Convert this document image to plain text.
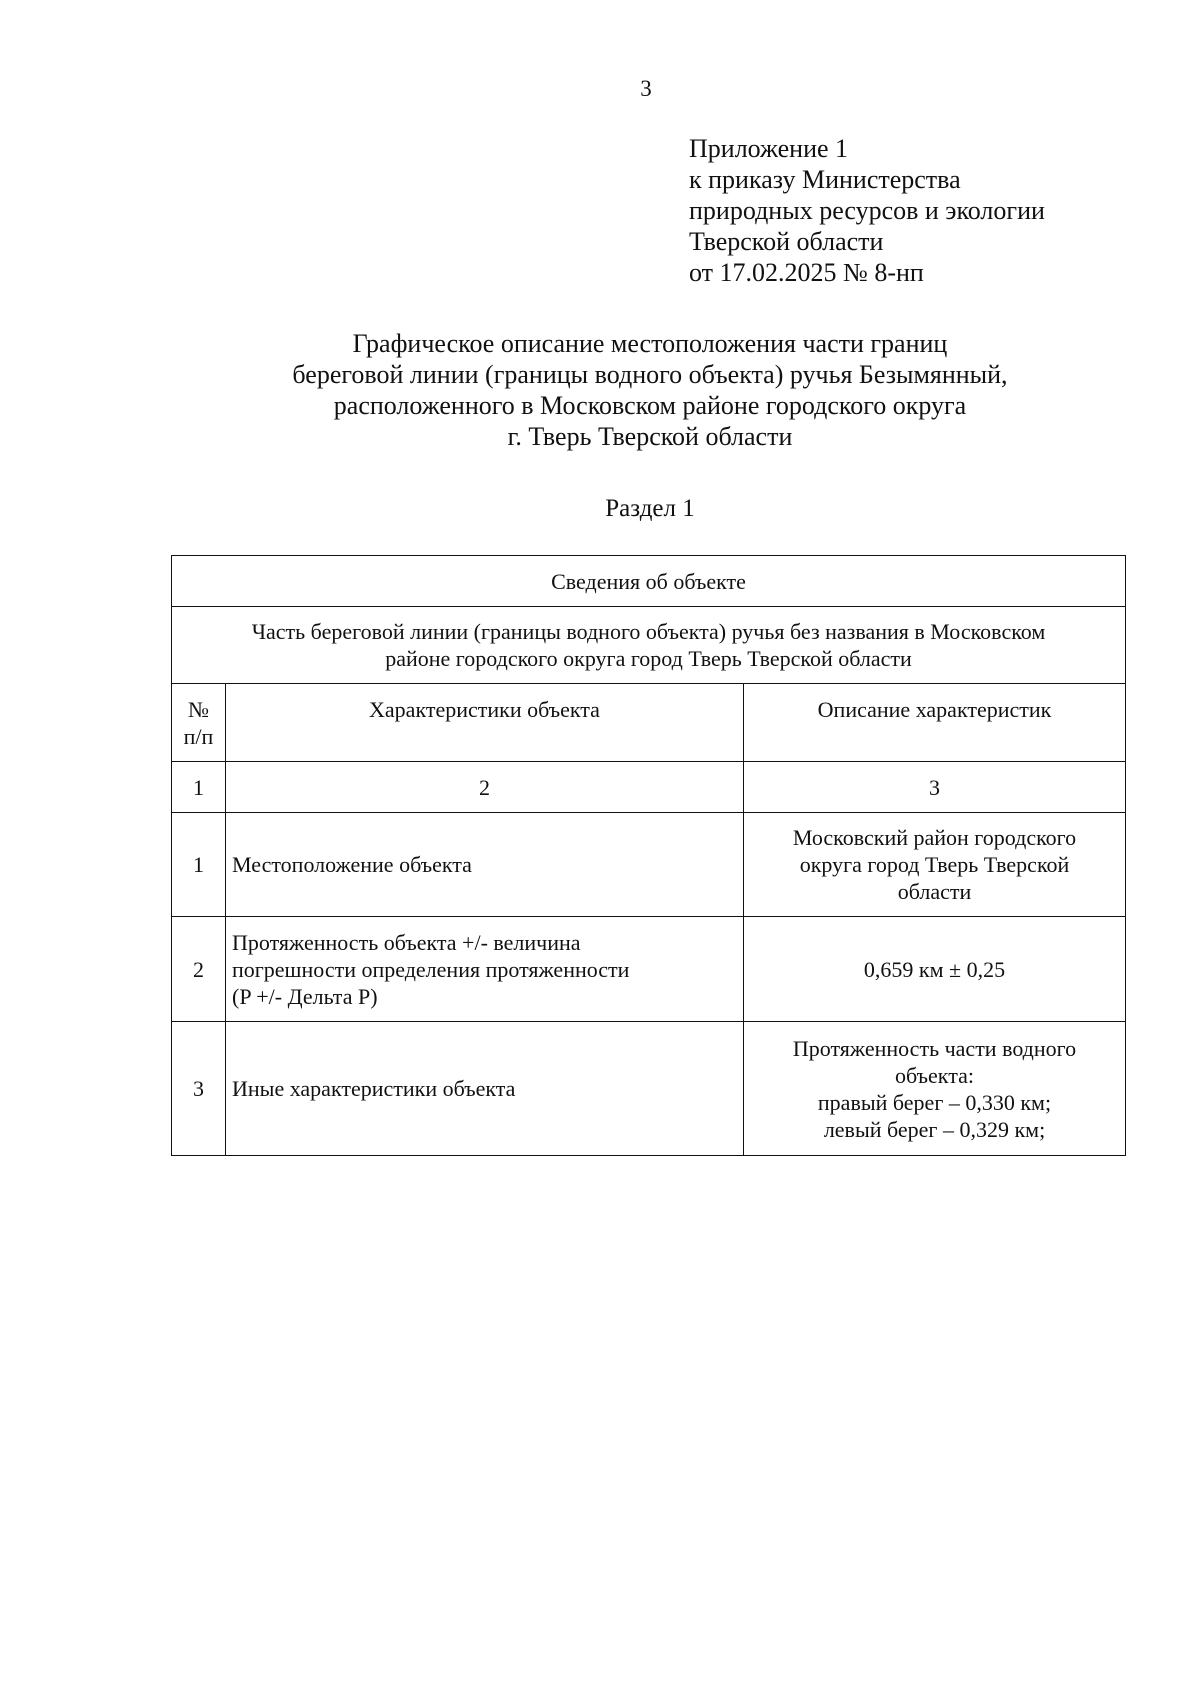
3
Приложение 1
к приказу Министерства
природных ресурсов и экологии
Тверской области
от 17.02.2025 № 8-нп
Графическое описание местоположения части границ
береговой линии (границы водного объекта) ручья Безымянный,
расположенного в Московском районе городского округа
г. Тверь Тверской области
Раздел 1
Сведения об объекте		

Часть береговой линии (границы водного объекта) ручья без названия в Московском
районе городского округа город Тверь Тверской области		

№
п/п	Характеристики объекта	Описание характеристик
1	2	3
1	Местоположение объекта	Московский район городского
округа город Тверь Тверской
области

2	Протяженность объекта +/- величина
погрешности определения протяженности
(P +/- Дельта P)	0,659 км ± 0,25

3	Иные характеристики объекта	Протяженность части водного
объекта:
правый берег – 0,330 км;
левый берег – 0,329 км;
